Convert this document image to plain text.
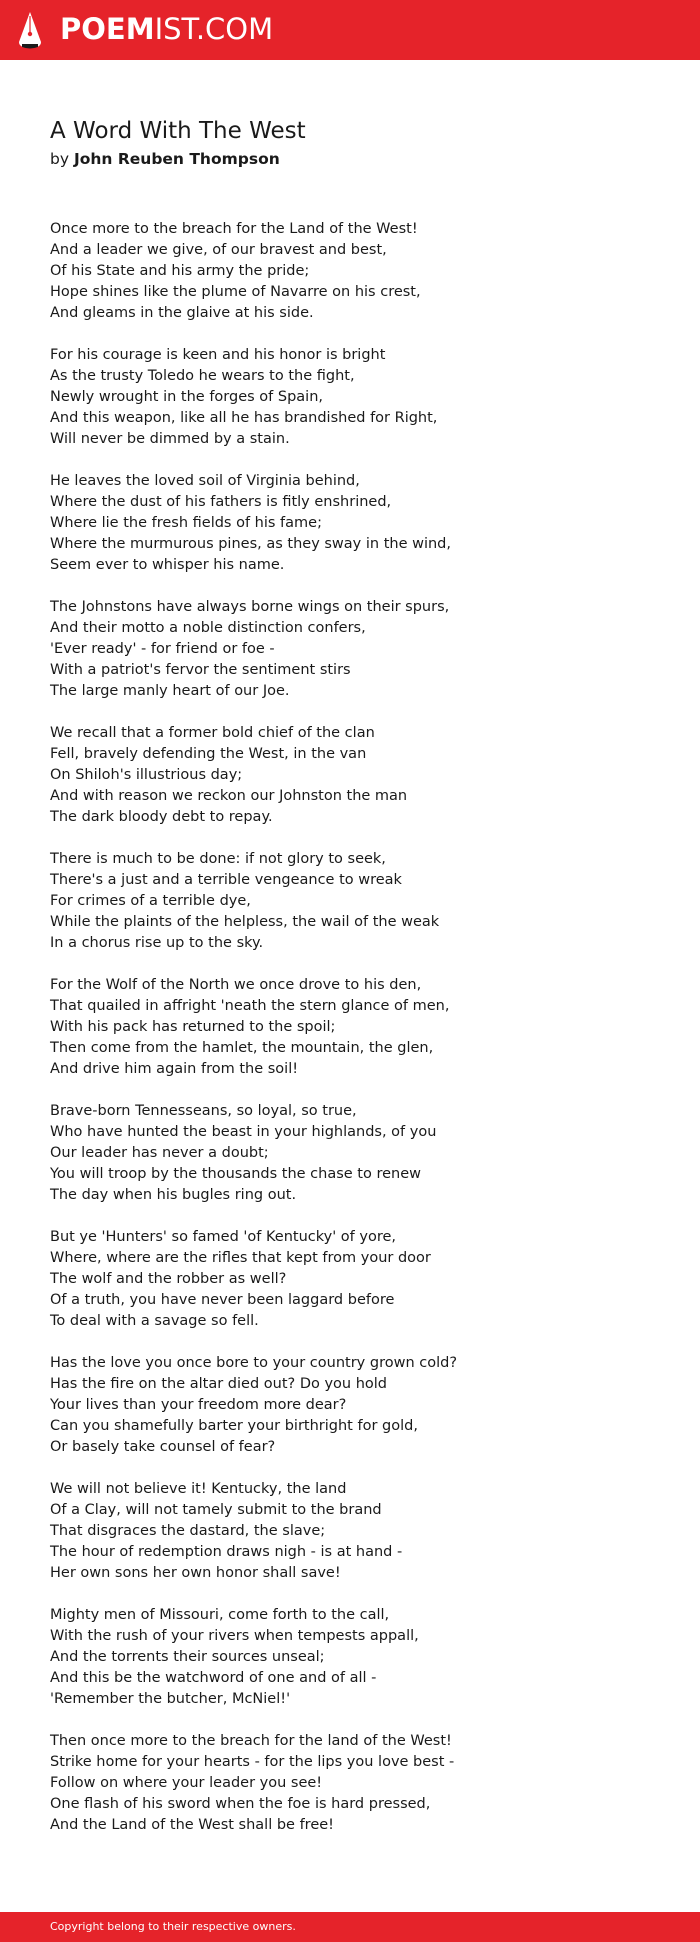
POEMIST.COM
A Word With The West
by John Reuben Thompson
Once more to the breach for the Land of the West!
And a leader we give, of our bravest and best,
Of his State and his army the pride;
Hope shines like the plume of Navarre on his crest,
And gleams in the glaive at his side.
For his courage is keen and his honor is bright
As the trusty Toledo he wears to the fight,
Newly wrought in the forges of Spain,
And this weapon, like all he has brandished for Right,
Will never be dimmed by a stain.
He leaves the loved soil of Virginia behind,
Where the dust of his fathers is fitly enshrined,
Where lie the fresh fields of his fame;
Where the murmurous pines, as they sway in the wind,
Seem ever to whisper his name.
The Johnstons have always borne wings on their spurs,
And their motto a noble distinction confers,
'Ever ready' - for friend or foe -
With a patriot's fervor the sentiment stirs
The large manly heart of our Joe.
We recall that a former bold chief of the clan
Fell, bravely defending the West, in the van
On Shiloh's illustrious day;
And with reason we reckon our Johnston the man
The dark bloody debt to repay.
There is much to be done: if not glory to seek,
There's a just and a terrible vengeance to wreak
For crimes of a terrible dye,
While the plaints of the helpless, the wail of the weak
In a chorus rise up to the sky.
For the Wolf of the North we once drove to his den,
That quailed in affright 'neath the stern glance of men,
With his pack has returned to the spoil;
Then come from the hamlet, the mountain, the glen,
And drive him again from the soil!
Brave-born Tennesseans, so loyal, so true,
Who have hunted the beast in your highlands, of you
Our leader has never a doubt;
You will troop by the thousands the chase to renew
The day when his bugles ring out.
But ye 'Hunters' so famed 'of Kentucky' of yore,
Where, where are the rifles that kept from your door
The wolf and the robber as well?
Of a truth, you have never been laggard before
To deal with a savage so fell.
Has the love you once bore to your country grown cold?
Has the fire on the altar died out? Do you hold
Your lives than your freedom more dear?
Can you shamefully barter your birthright for gold,
Or basely take counsel of fear?
We will not believe it! Kentucky, the land
Of a Clay, will not tamely submit to the brand
That disgraces the dastard, the slave;
The hour of redemption draws nigh - is at hand -
Her own sons her own honor shall save!
Mighty men of Missouri, come forth to the call,
With the rush of your rivers when tempests appall,
And the torrents their sources unseal;
And this be the watchword of one and of all -
'Remember the butcher, McNiel!'
Then once more to the breach for the land of the West!
Strike home for your hearts - for the lips you love best -
Follow on where your leader you see!
One flash of his sword when the foe is hard pressed,
And the Land of the West shall be free!
Copyright belong to their respective owners.
